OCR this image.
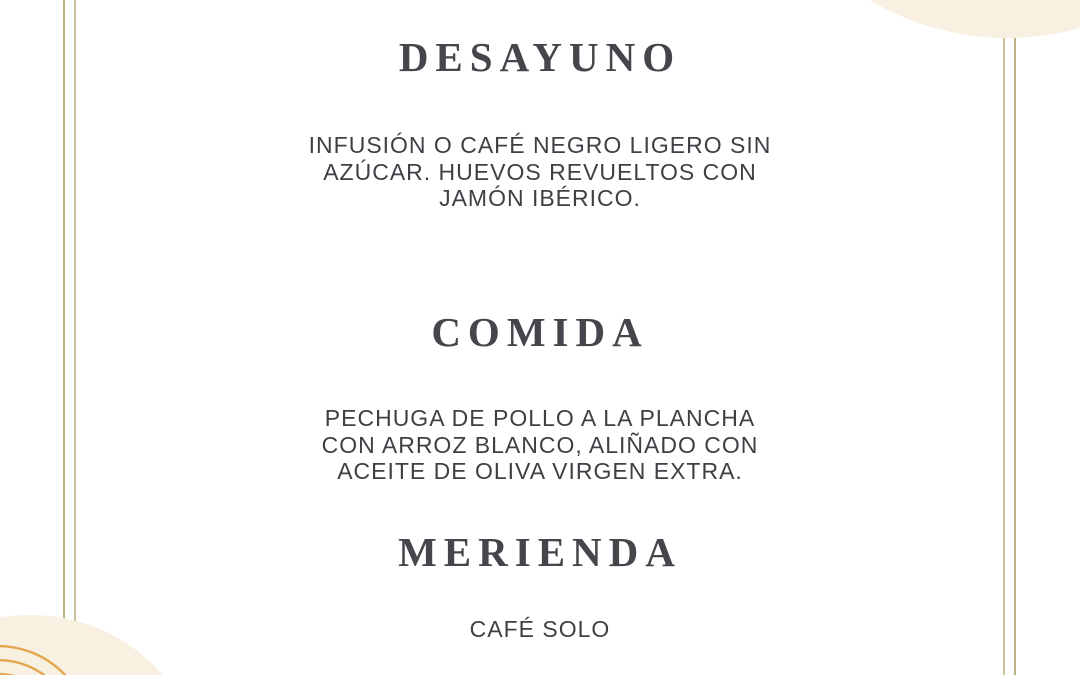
DESAYUNO
INFUSIÓN O CAFÉ NEGRO LIGERO SIN
AZÚCAR. HUEVOS REVUELTOS CON
JAMÓN IBÉRICO.
COMIDA
PECHUGA DE POLLO A LA PLANCHA
CON ARROZ BLANCO, ALIÑADO CON
ACEITE DE OLIVA VIRGEN EXTRA.
MERIENDA
CAFÉ SOLO
